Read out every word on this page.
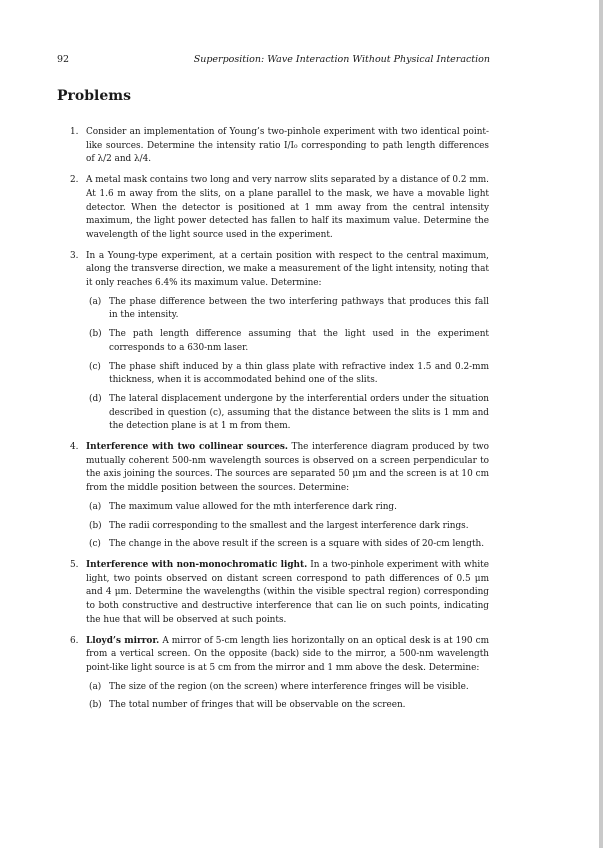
92	Superposition: Wave Interaction Without Physical Interaction
Problems
1. Consider an implementation of Young’s two-pinhole experiment with two identical point-like sources. Determine the intensity ratio I/I₀ corresponding to path length differences of λ/2 and λ/4.

2. A metal mask contains two long and very narrow slits separated by a distance of 0.2 mm. At 1.6 m away from the slits, on a plane parallel to the mask, we have a movable light detector. When the detector is positioned at 1 mm away from the central intensity maximum, the light power detected has fallen to half its maximum value. Determine the wavelength of the light source used in the experiment.

3. In a Young-type experiment, at a certain position with respect to the central maximum, along the transverse direction, we make a measurement of the light intensity, noting that it only reaches 6.4% its maximum value. Determine:

(a) The phase difference between the two interfering pathways that produces this fall in the intensity.
(b) The path length difference assuming that the light used in the experiment corresponds to a 630-nm laser.
(c) The phase shift induced by a thin glass plate with refractive index 1.5 and 0.2-mm thickness, when it is accommodated behind one of the slits.
(d) The lateral displacement undergone by the interferential orders under the situation described in question (c), assuming that the distance between the slits is 1 mm and the detection plane is at 1 m from them.
4. Interference with two collinear sources. The interference diagram produced by two mutually coherent 500-nm wavelength sources is observed on a screen perpendicular to the axis joining the sources. The sources are separated 50 μm and the screen is at 10 cm from the middle position between the sources. Determine:

(a) The maximum value allowed for the mth interference dark ring.
(b) The radii corresponding to the smallest and the largest interference dark rings.
(c) The change in the above result if the screen is a square with sides of 20-cm length.
5. Interference with non-monochromatic light. In a two-pinhole experiment with white light, two points observed on distant screen correspond to path differences of 0.5 μm and 4 μm. Determine the wavelengths (within the visible spectral region) corresponding to both constructive and destructive interference that can lie on such points, indicating the hue that will be observed at such points.

6. Lloyd’s mirror. A mirror of 5-cm length lies horizontally on an optical desk is at 190 cm from a vertical screen. On the opposite (back) side to the mirror, a 500-nm wavelength point-like light source is at 5 cm from the mirror and 1 mm above the desk. Determine:

(a) The size of the region (on the screen) where interference fringes will be visible.
(b) The total number of fringes that will be observable on the screen.
